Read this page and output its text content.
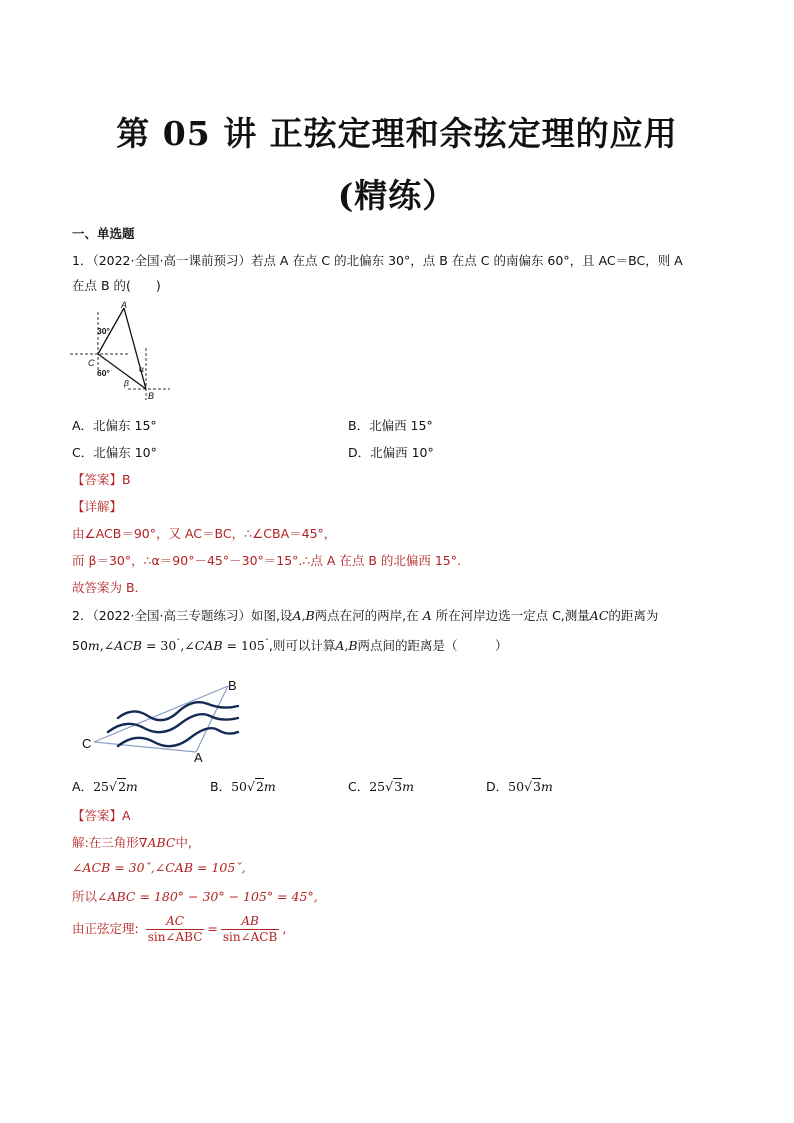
第 05 讲 正弦定理和余弦定理的应用
(精练）
一、单选题
1．（2022·全国·高一课前预习）若点 A 在点 C 的北偏东 30°，点 B 在点 C 的南偏东 60°，且 AC＝BC，则 A
在点 B 的(　　)
A
C
B
30°
60°	α
β
A．北偏东 15°	B．北偏西 15°
C．北偏东 10°	D．北偏西 10°
【答案】B
【详解】
由∠ACB＝90°，又 AC＝BC，∴∠CBA＝45°，
而 β＝30°，∴α＝90°－45°－30°＝15°.∴点 A 在点 B 的北偏西 15°.
故答案为 B.
2．（2022·全国·高三专题练习）如图,设A,B两点在河的两岸,在 A 所在河岸边选一定点 C,测量AC的距离为
50m,∠ACB = $30^ˇ,\angle CAB = 105^ˇ$,则可以计算A,B两点间的距离是（　　　）
B
C
A
A．25√2m	B．50√2m	C．25√3m	D．50√3m
【答案】A
解:在三角形∇ABC中,
∠ACB = 30ˇ,∠CAB = 105ˇ,
所以∠ABC = 180° − 30° − 105° = 45°,
由正弦定理: $\frac{AC}{\text{sin∠ABC}} = \frac{AB}{\text{sin∠ACB}}$ ,
